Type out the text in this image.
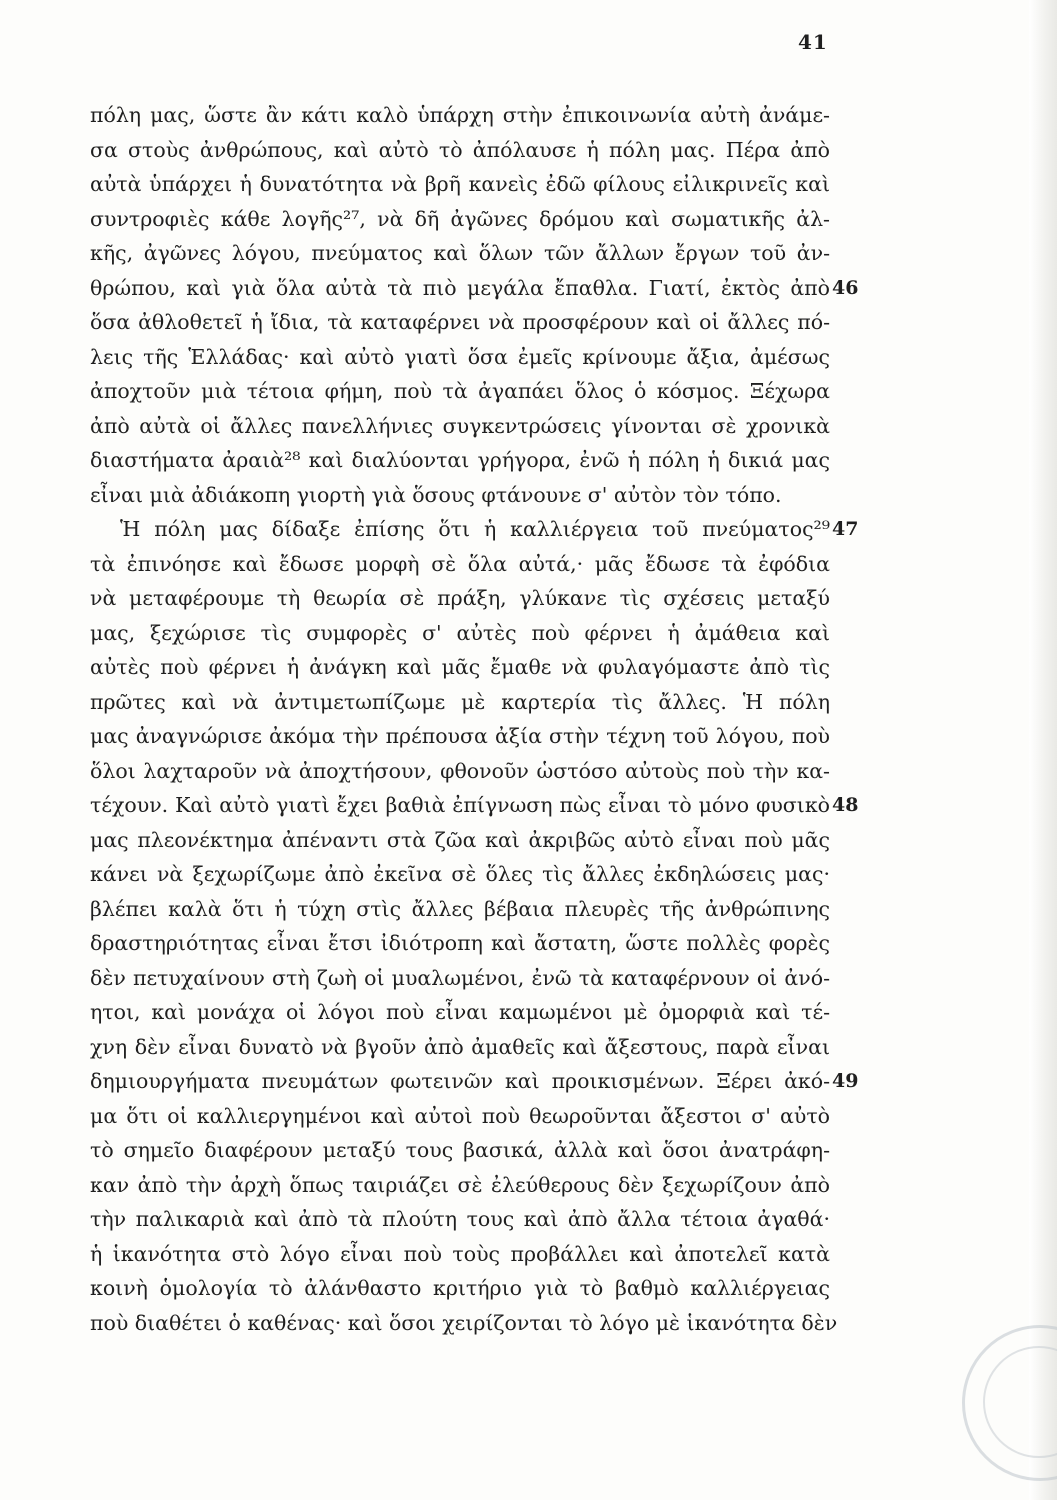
41
πόλη μας, ὥστε ἂν κάτι καλὸ ὑπάρχη στὴν ἐπικοινωνία αὐτὴ ἀνάμε-
σα στοὺς ἀνθρώπους, καὶ αὐτὸ τὸ ἀπόλαυσε ἡ πόλη μας. Πέρα ἀπὸ
αὐτὰ ὑπάρχει ἡ δυνατότητα νὰ βρῆ κανεὶς ἐδῶ φίλους εἰλικρινεῖς καὶ
συντροφιὲς κάθε λογῆς²⁷, νὰ δῆ ἀγῶνες δρόμου καὶ σωματικῆς ἀλ-
κῆς, ἀγῶνες λόγου, πνεύματος καὶ ὅλων τῶν ἄλλων ἔργων τοῦ ἀν-
θρώπου, καὶ γιὰ ὅλα αὐτὰ τὰ πιὸ μεγάλα ἔπαθλα. Γιατί, ἐκτὸς ἀπὸ
ὅσα ἀθλοθετεῖ ἡ ἴδια, τὰ καταφέρνει νὰ προσφέρουν καὶ οἱ ἄλλες πό-
λεις τῆς Ἑλλάδας· καὶ αὐτὸ γιατὶ ὅσα ἐμεῖς κρίνουμε ἄξια, ἀμέσως
ἀποχτοῦν μιὰ τέτοια φήμη, ποὺ τὰ ἀγαπάει ὅλος ὁ κόσμος. Ξέχωρα
ἀπὸ αὐτὰ οἱ ἄλλες πανελλήνιες συγκεντρώσεις γίνονται σὲ χρονικὰ
διαστήματα ἀραιὰ²⁸ καὶ διαλύονται γρήγορα, ἐνῶ ἡ πόλη ἡ δικιά μας
εἶναι μιὰ ἀδιάκοπη γιορτὴ γιὰ ὅσους φτάνουνε σ' αὐτὸν τὸν τόπο.
Ἡ πόλη μας δίδαξε ἐπίσης ὅτι ἡ καλλιέργεια τοῦ πνεύματος²⁹
τὰ ἐπινόησε καὶ ἔδωσε μορφὴ σὲ ὅλα αὐτά,· μᾶς ἔδωσε τὰ ἐφόδια
νὰ μεταφέρουμε τὴ θεωρία σὲ πράξη, γλύκανε τὶς σχέσεις μεταξύ
μας, ξεχώρισε τὶς συμφορὲς σ' αὐτὲς ποὺ φέρνει ἡ ἀμάθεια καὶ
αὐτὲς ποὺ φέρνει ἡ ἀνάγκη καὶ μᾶς ἔμαθε νὰ φυλαγόμαστε ἀπὸ τὶς
πρῶτες καὶ νὰ ἀντιμετωπίζωμε μὲ καρτερία τὶς ἄλλες. Ἡ πόλη
μας ἀναγνώρισε ἀκόμα τὴν πρέπουσα ἀξία στὴν τέχνη τοῦ λόγου, ποὺ
ὅλοι λαχταροῦν νὰ ἀποχτήσουν, φθονοῦν ὡστόσο αὐτοὺς ποὺ τὴν κα-
τέχουν. Καὶ αὐτὸ γιατὶ ἔχει βαθιὰ ἐπίγνωση πὼς εἶναι τὸ μόνο φυσικὸ
μας πλεονέκτημα ἀπέναντι στὰ ζῶα καὶ ἀκριβῶς αὐτὸ εἶναι ποὺ μᾶς
κάνει νὰ ξεχωρίζωμε ἀπὸ ἐκεῖνα σὲ ὅλες τὶς ἄλλες ἐκδηλώσεις μας·
βλέπει καλὰ ὅτι ἡ τύχη στὶς ἄλλες βέβαια πλευρὲς τῆς ἀνθρώπινης
δραστηριότητας εἶναι ἔτσι ἰδιότροπη καὶ ἄστατη, ὥστε πολλὲς φορὲς
δὲν πετυχαίνουν στὴ ζωὴ οἱ μυαλωμένοι, ἐνῶ τὰ καταφέρνουν οἱ ἀνό-
ητοι, καὶ μονάχα οἱ λόγοι ποὺ εἶναι καμωμένοι μὲ ὀμορφιὰ καὶ τέ-
χνη δὲν εἶναι δυνατὸ νὰ βγοῦν ἀπὸ ἀμαθεῖς καὶ ἄξεστους, παρὰ εἶναι
δημιουργήματα πνευμάτων φωτεινῶν καὶ προικισμένων. Ξέρει ἀκό-
μα ὅτι οἱ καλλιεργημένοι καὶ αὐτοὶ ποὺ θεωροῦνται ἄξεστοι σ' αὐτὸ
τὸ σημεῖο διαφέρουν μεταξύ τους βασικά, ἀλλὰ καὶ ὅσοι ἀνατράφη-
καν ἀπὸ τὴν ἀρχὴ ὅπως ταιριάζει σὲ ἐλεύθερους δὲν ξεχωρίζουν ἀπὸ
τὴν παλικαριὰ καὶ ἀπὸ τὰ πλούτη τους καὶ ἀπὸ ἄλλα τέτοια ἀγαθά·
ἡ ἱκανότητα στὸ λόγο εἶναι ποὺ τοὺς προβάλλει καὶ ἀποτελεῖ κατὰ
κοινὴ ὁμολογία τὸ ἀλάνθαστο κριτήριο γιὰ τὸ βαθμὸ καλλιέργειας
ποὺ διαθέτει ὁ καθένας· καὶ ὅσοι χειρίζονται τὸ λόγο μὲ ἱκανότητα δὲν
46
47
48
49
